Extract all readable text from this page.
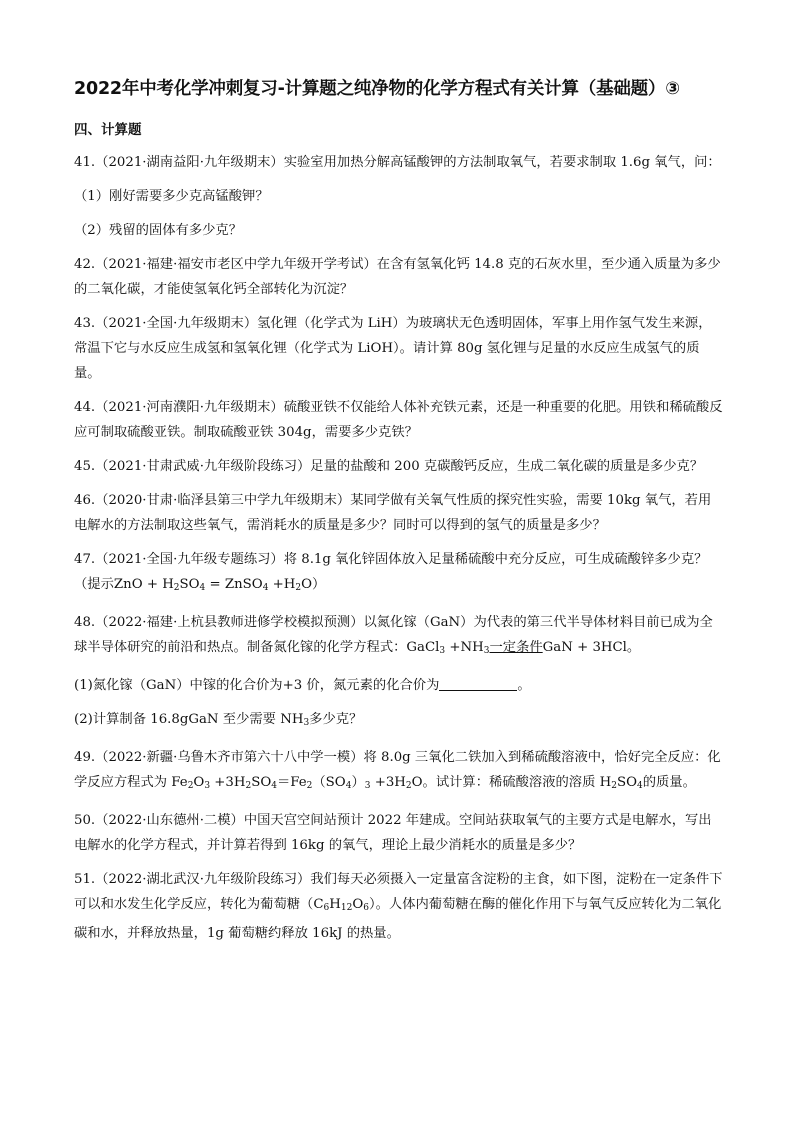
2022年中考化学冲刺复习-计算题之纯净物的化学方程式有关计算（基础题）③
四、计算题

41.（2021·湖南益阳·九年级期末）实验室用加热分解高锰酸钾的方法制取氧气，若要求制取 1.6g 氧气，问：

（1）刚好需要多少克高锰酸钾？

（2）残留的固体有多少克？

42.（2021·福建·福安市老区中学九年级开学考试）在含有氢氧化钙 14.8 克的石灰水里，至少通入质量为多少的二氧化碳，才能使氢氧化钙全部转化为沉淀？

43.（2021·全国·九年级期末）氢化锂（化学式为 LiH）为玻璃状无色透明固体，军事上用作氢气发生来源，常温下它与水反应生成氢和氢氧化锂（化学式为 LiOH）。请计算 80g 氢化锂与足量的水反应生成氢气的质量。

44.（2021·河南濮阳·九年级期末）硫酸亚铁不仅能给人体补充铁元素，还是一种重要的化肥。用铁和稀硫酸反应可制取硫酸亚铁。制取硫酸亚铁 304g，需要多少克铁？

45.（2021·甘肃武威·九年级阶段练习）足量的盐酸和 200 克碳酸钙反应，生成二氧化碳的质量是多少克？

46.（2020·甘肃·临泽县第三中学九年级期末）某同学做有关氧气性质的探究性实验，需要 10kg 氧气，若用电解水的方法制取这些氧气，需消耗水的质量是多少？同时可以得到的氢气的质量是多少？

47.（2021·全国·九年级专题练习）将 8.1g 氧化锌固体放入足量稀硫酸中充分反应，可生成硫酸锌多少克？（提示ZnO + $H_2SO_4$ = ZnSO$_4$ $+H_2O$）

48.（2022·福建·上杭县教师进修学校模拟预测）以氮化镓（GaN）为代表的第三代半导体材料目前已成为全球半导体研究的前沿和热点。制备氮化镓的化学方程式：GaCl$_3$ $+NH_3$一定条件GaN + 3HCl。

(1)氮化镓（GaN）中镓的化合价为+3 价，氮元素的化合价为	。

(2)计算制备 16.8gGaN 至少需要 $NH_3$多少克？

49.（2022·新疆·乌鲁木齐市第六十八中学一模）将 8.0g 三氧化二铁加入到稀硫酸溶液中，恰好完全反应：化学反应方程式为 $Fe_2O_3 +3H_2SO_4=Fe_2(SO_4)_3 +3H_2O$。试计算：稀硫酸溶液的溶质 $H_2SO_4$的质量。

50.（2022·山东德州·二模）中国天宫空间站预计 2022 年建成。空间站获取氧气的主要方式是电解水，写出电解水的化学方程式，并计算若得到 16kg 的氧气，理论上最少消耗水的质量是多少？

51.（2022·湖北武汉·九年级阶段练习）我们每天必须摄入一定量富含淀粉的主食，如下图，淀粉在一定条件下可以和水发生化学反应，转化为葡萄糖$(C_6H_{12}O_6)$。人体内葡萄糖在酶的催化作用下与氧气反应转化为二氧化碳和水，并释放热量，1g 葡萄糖约释放 16kJ 的热量。
